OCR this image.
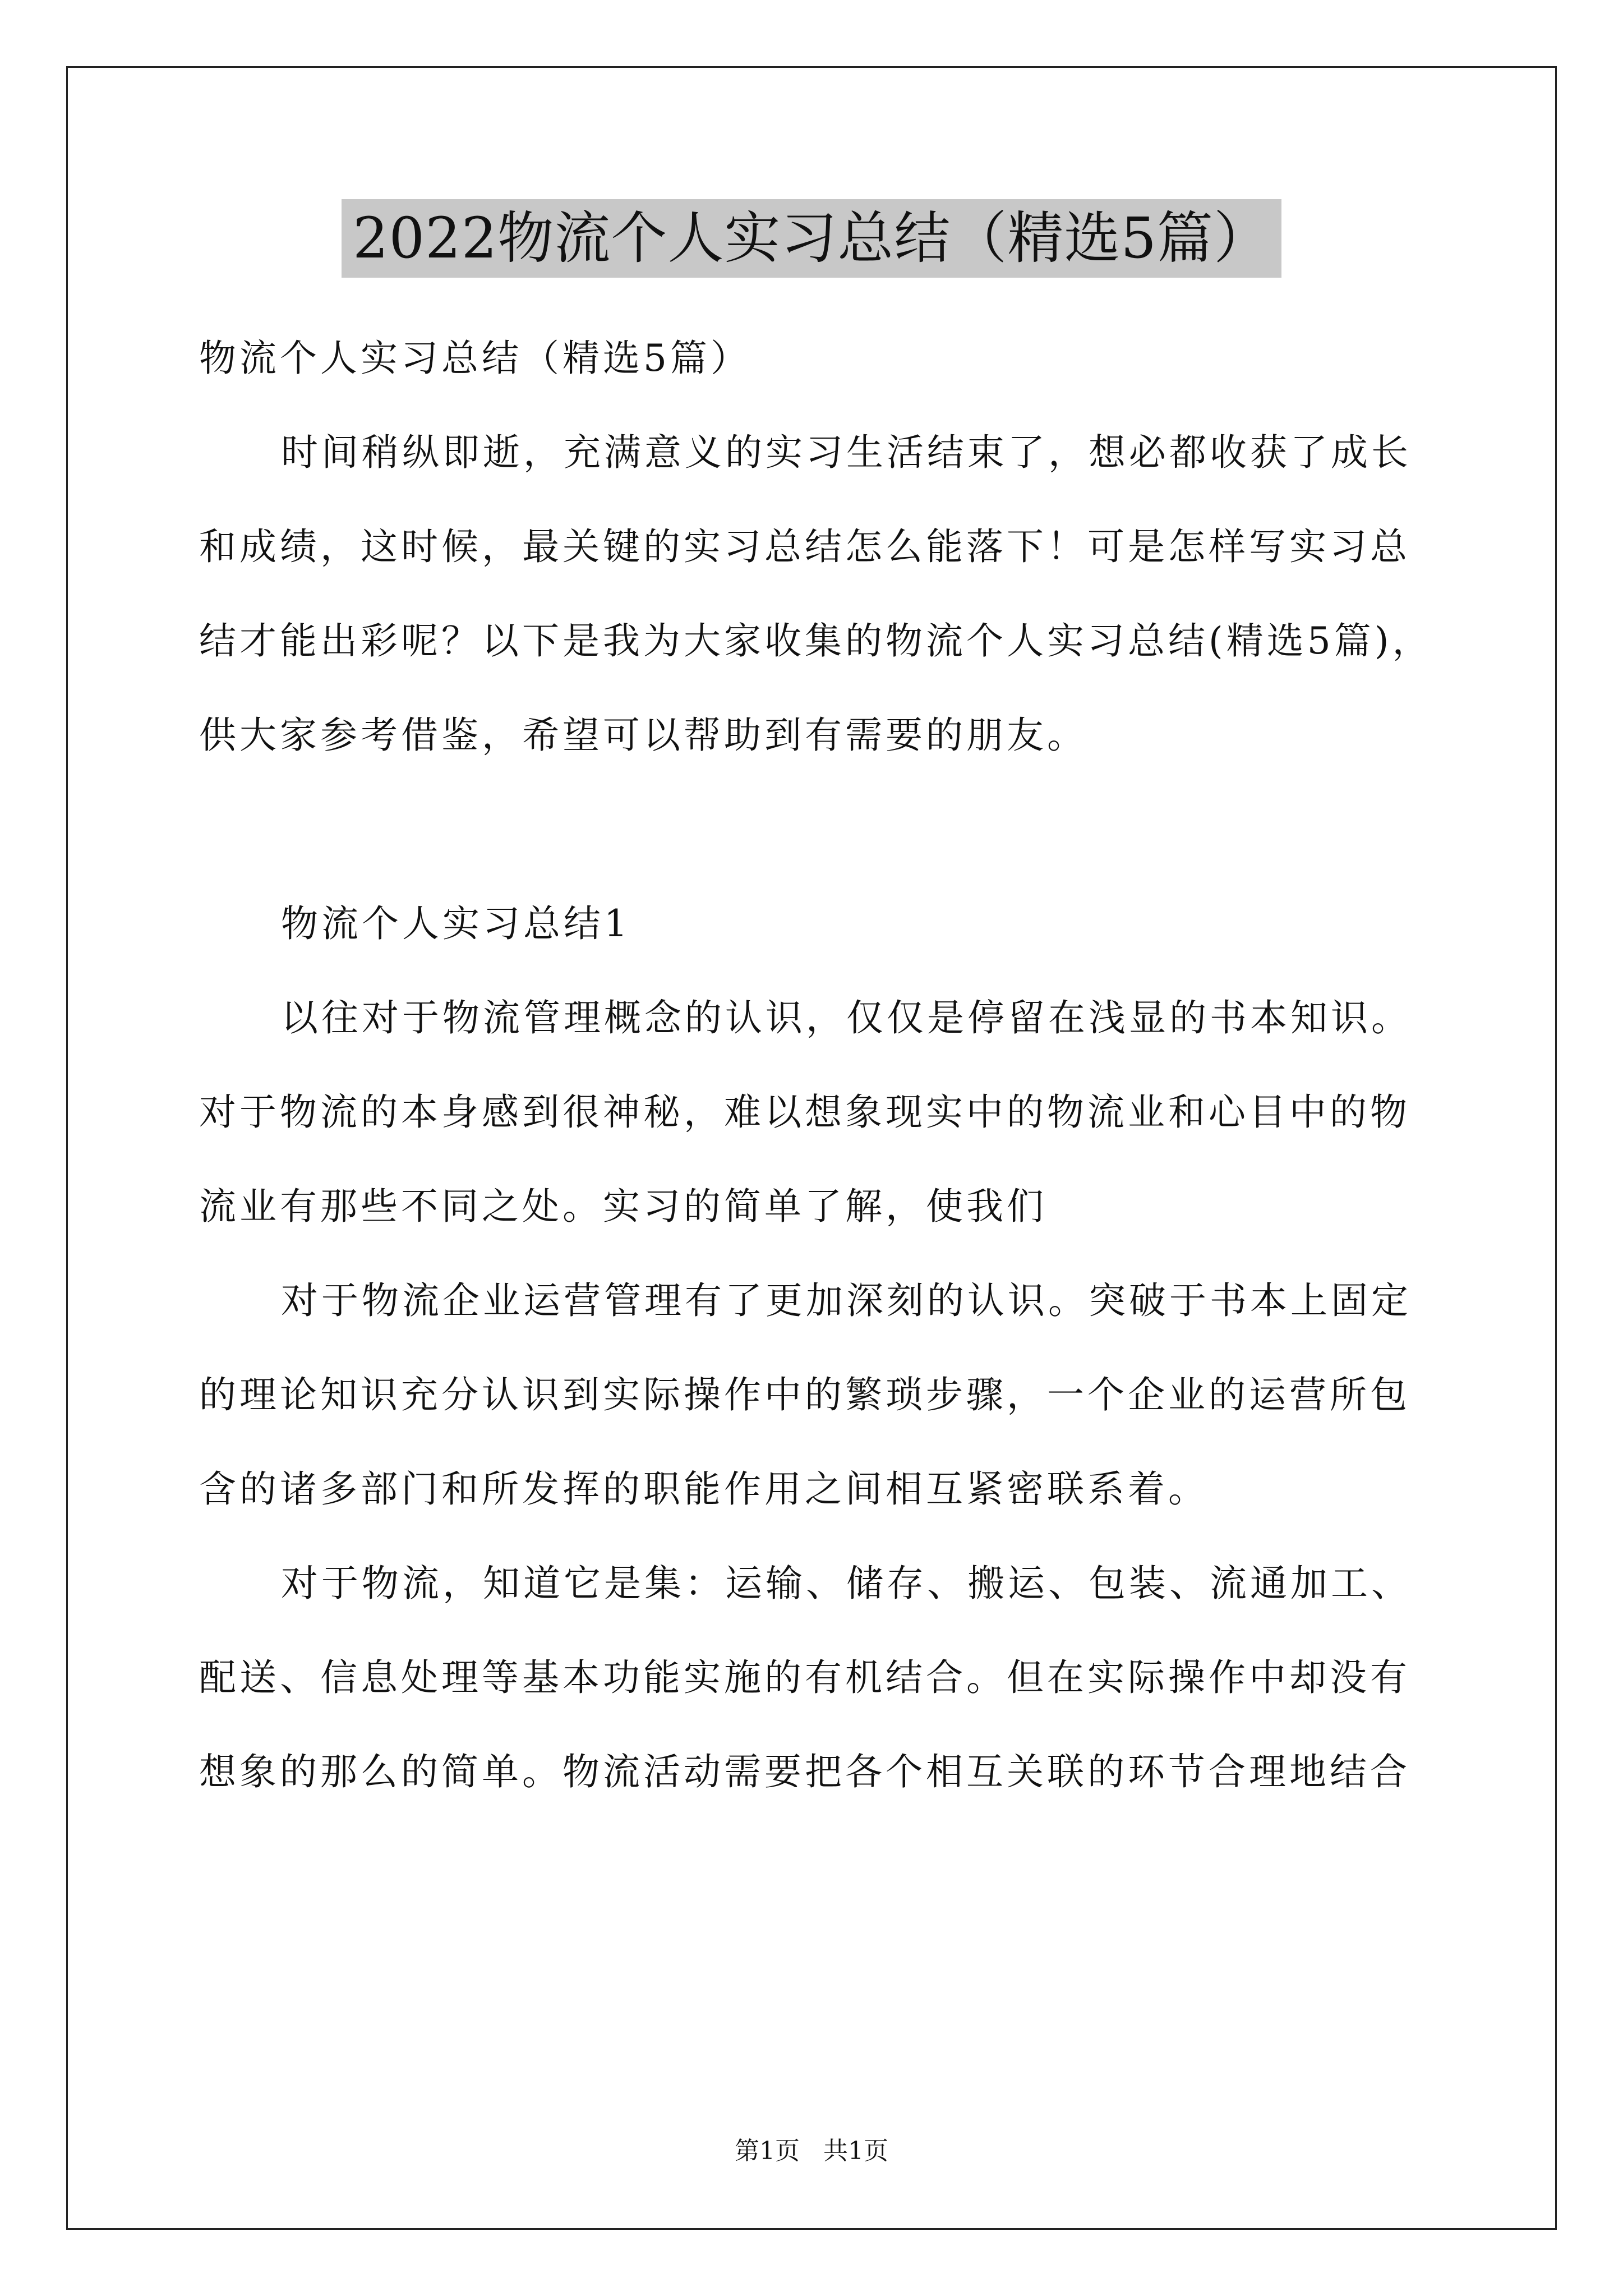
2022物流个人实习总结（精选5篇）
物流个人实习总结（精选5篇）
时间稍纵即逝，充满意义的实习生活结束了，想必都收获了成长
和成绩，这时候，最关键的实习总结怎么能落下！可是怎样写实习总
结才能出彩呢？以下是我为大家收集的物流个人实习总结(精选5篇)，
供大家参考借鉴，希望可以帮助到有需要的朋友。
物流个人实习总结1
以往对于物流管理概念的认识，仅仅是停留在浅显的书本知识。
对于物流的本身感到很神秘，难以想象现实中的物流业和心目中的物
流业有那些不同之处。实习的简单了解，使我们
对于物流企业运营管理有了更加深刻的认识。突破于书本上固定
的理论知识充分认识到实际操作中的繁琐步骤，一个企业的运营所包
含的诸多部门和所发挥的职能作用之间相互紧密联系着。
对于物流，知道它是集：运输、储存、搬运、包装、流通加工、
配送、信息处理等基本功能实施的有机结合。但在实际操作中却没有
想象的那么的简单。物流活动需要把各个相互关联的环节合理地结合
第1页   共1页
